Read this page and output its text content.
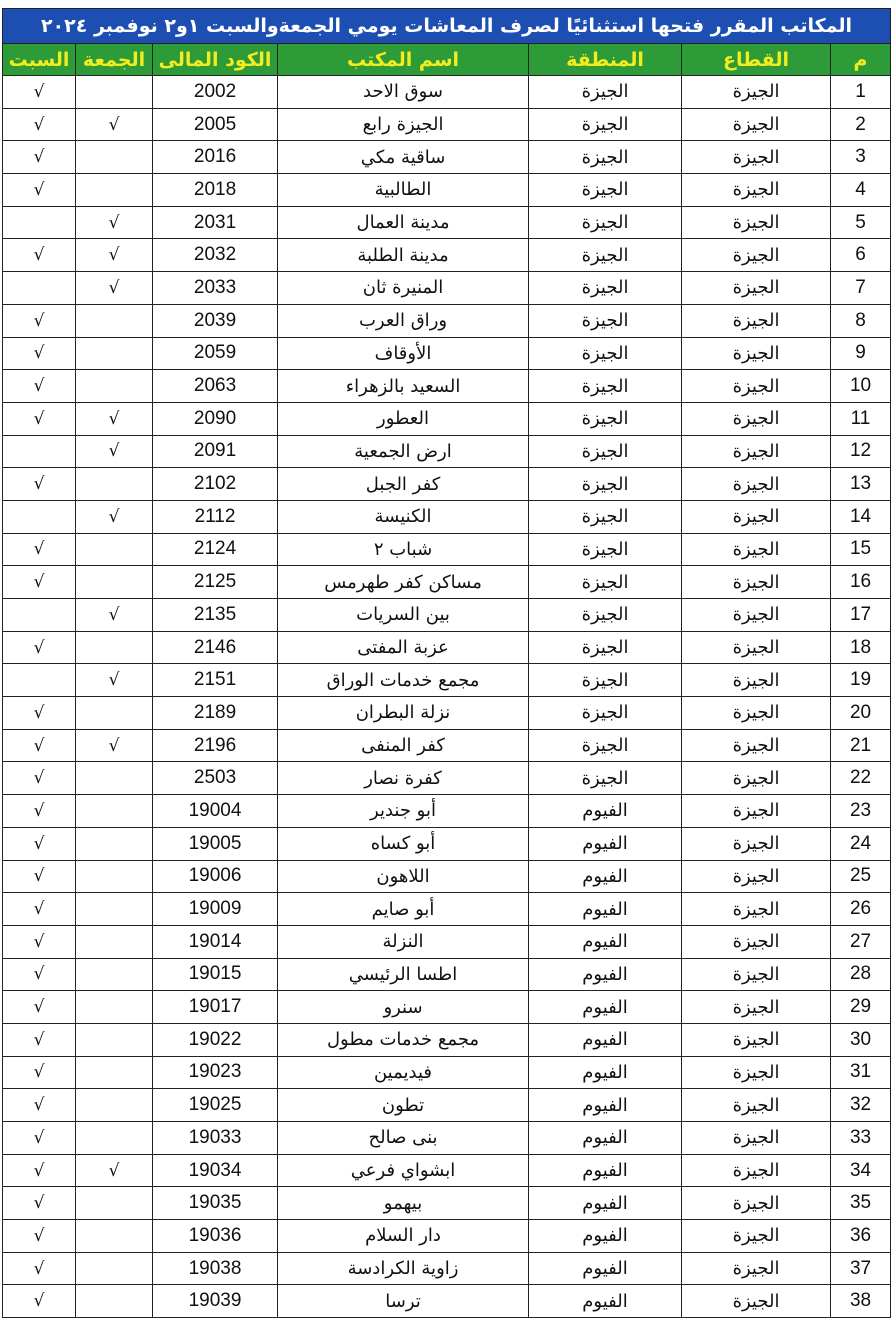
المكاتب المقرر فتحها استثنائيًا لصرف المعاشات يومي الجمعةوالسبت ١و٢ نوفمبر ٢٠٢٤						
م	القطاع	المنطقة	اسم المكتب	الكود المالى	الجمعة	السبت
1	الجيزة	الجيزة	سوق الاحد	2002		√
2	الجيزة	الجيزة	الجيزة رابع	2005	√	√
3	الجيزة	الجيزة	ساقية مكي	2016		√
4	الجيزة	الجيزة	الطالبية	2018		√
5	الجيزة	الجيزة	مدينة العمال	2031	√	
6	الجيزة	الجيزة	مدينة الطلبة	2032	√	√
7	الجيزة	الجيزة	المنيرة ثان	2033	√	
8	الجيزة	الجيزة	وراق العرب	2039		√
9	الجيزة	الجيزة	الأوقاف	2059		√
10	الجيزة	الجيزة	السعيد بالزهراء	2063		√
11	الجيزة	الجيزة	العطور	2090	√	√
12	الجيزة	الجيزة	ارض الجمعية	2091	√	
13	الجيزة	الجيزة	كفر الجبل	2102		√
14	الجيزة	الجيزة	الكنيسة	2112	√	
15	الجيزة	الجيزة	شباب ٢	2124		√
16	الجيزة	الجيزة	مساكن كفر طهرمس	2125		√
17	الجيزة	الجيزة	بين السريات	2135	√	
18	الجيزة	الجيزة	عزبة المفتى	2146		√
19	الجيزة	الجيزة	مجمع خدمات الوراق	2151	√	
20	الجيزة	الجيزة	نزلة البطران	2189		√
21	الجيزة	الجيزة	كفر المنفى	2196	√	√
22	الجيزة	الجيزة	كفرة نصار	2503		√
23	الجيزة	الفيوم	أبو جندير	19004		√
24	الجيزة	الفيوم	أبو كساه	19005		√
25	الجيزة	الفيوم	اللاهون	19006		√
26	الجيزة	الفيوم	أبو صايم	19009		√
27	الجيزة	الفيوم	النزلة	19014		√
28	الجيزة	الفيوم	اطسا الرئيسي	19015		√
29	الجيزة	الفيوم	سنرو	19017		√
30	الجيزة	الفيوم	مجمع خدمات مطول	19022		√
31	الجيزة	الفيوم	فيديمين	19023		√
32	الجيزة	الفيوم	تطون	19025		√
33	الجيزة	الفيوم	بنى صالح	19033		√
34	الجيزة	الفيوم	ابشواي فرعي	19034	√	√
35	الجيزة	الفيوم	بيهمو	19035		√
36	الجيزة	الفيوم	دار السلام	19036		√
37	الجيزة	الفيوم	زاوية الكرادسة	19038		√
38	الجيزة	الفيوم	ترسا	19039		√
